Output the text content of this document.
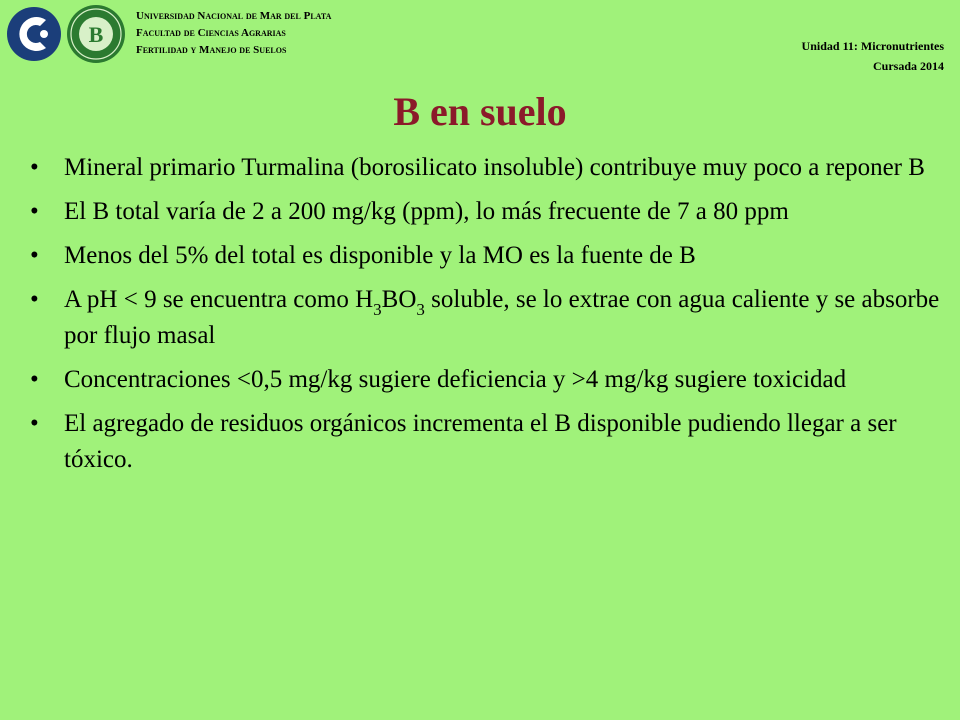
B
Universidad Nacional de Mar del Plata
Facultad de Ciencias Agrarias
Fertilidad y Manejo de Suelos	Unidad 11: Micronutrientes
Cursada 2014
B en suelo
• Mineral primario Turmalina (borosilicato insoluble) contribuye muy poco a reponer B
• El B total varía de 2 a 200 mg/kg (ppm), lo más frecuente de 7 a 80 ppm
• Menos del 5% del total es disponible y la MO es la fuente de B
• A pH < 9 se encuentra como $H_3BO_3$ soluble, se lo extrae con agua caliente y se absorbe por flujo masal
• Concentraciones <0,5 mg/kg sugiere deficiencia y >4 mg/kg sugiere toxicidad
• El agregado de residuos orgánicos incrementa el B disponible pudiendo llegar a ser tóxico.
